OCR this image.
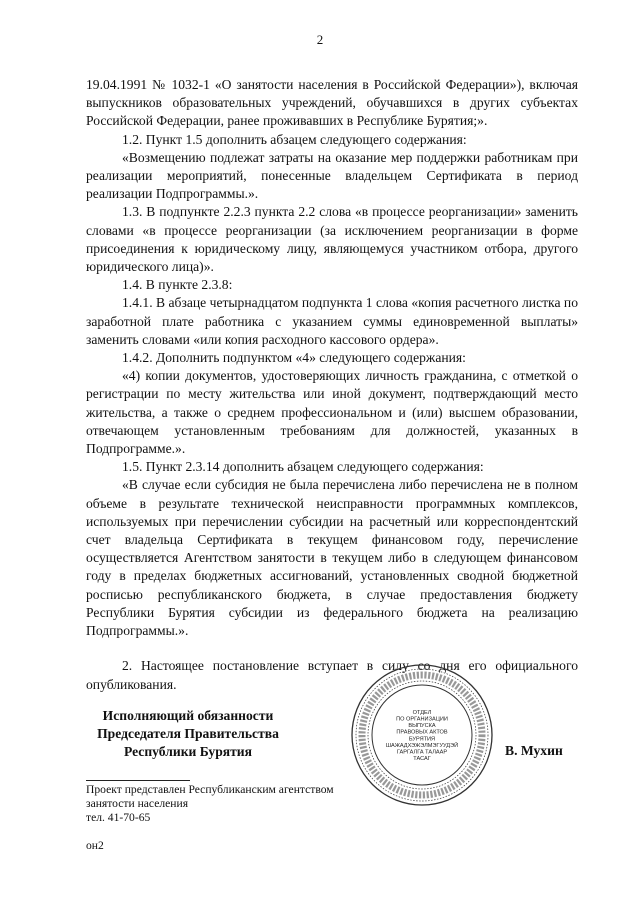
2

19.04.1991 № 1032-1 «О занятости населения в Российской Федерации»), включая выпускников образовательных учреждений, обучавшихся в других субъектах Российской Федерации, ранее проживавших в Республике Бурятия;».

1.2. Пункт 1.5 дополнить абзацем следующего содержания:

«Возмещению подлежат затраты на оказание мер поддержки работникам при реализации мероприятий, понесенные владельцем Сертификата в период реализации Подпрограммы.».

1.3. В подпункте 2.2.3 пункта 2.2 слова «в процессе реорганизации» заменить словами «в процессе реорганизации (за исключением реорганизации в форме присоединения к юридическому лицу, являющемуся участником отбора, другого юридического лица)».

1.4. В пункте 2.3.8:

1.4.1. В абзаце четырнадцатом подпункта 1 слова «копия расчетного листка по заработной плате работника с указанием суммы единовременной выплаты» заменить словами «или копия расходного кассового ордера».

1.4.2. Дополнить подпунктом «4» следующего содержания:

«4) копии документов, удостоверяющих личность гражданина, с отметкой о регистрации по месту жительства или иной документ, подтверждающий место жительства, а также о среднем профессиональном и (или) высшем образовании, отвечающем установленным требованиям для должностей, указанных в Подпрограмме.».

1.5. Пункт 2.3.14 дополнить абзацем следующего содержания:

«В случае если субсидия не была перечислена либо перечислена не в полном объеме в результате технической неисправности программных комплексов, используемых при перечислении субсидии на расчетный или корреспондентский счет владельца Сертификата в текущем финансовом году, перечисление осуществляется Агентством занятости в текущем либо в следующем финансовом году в пределах бюджетных ассигнований, установленных сводной бюджетной росписью республиканского бюджета, в случае предоставления бюджету Республики Бурятия субсидии из федерального бюджета на реализацию Подпрограммы.».

2. Настоящее постановление вступает в силу со дня его официального опубликования.

Исполняющий обязанности
Председателя Правительства
Республики Бурятия
ОТДЕЛ
ПО ОРГАНИЗАЦИИ
ВЫПУСКА
ПРАВОВЫХ АКТОВ
БУРЯТИЯ
ШАЖАДХЭЖЭЛМЭГУУДЭЙ
ГАРГАЛГА ТАЛААР
ТАСАГ
В. Мухин
Проект представлен Республиканским агентством
занятости населения
тел. 41-70-65
он2
